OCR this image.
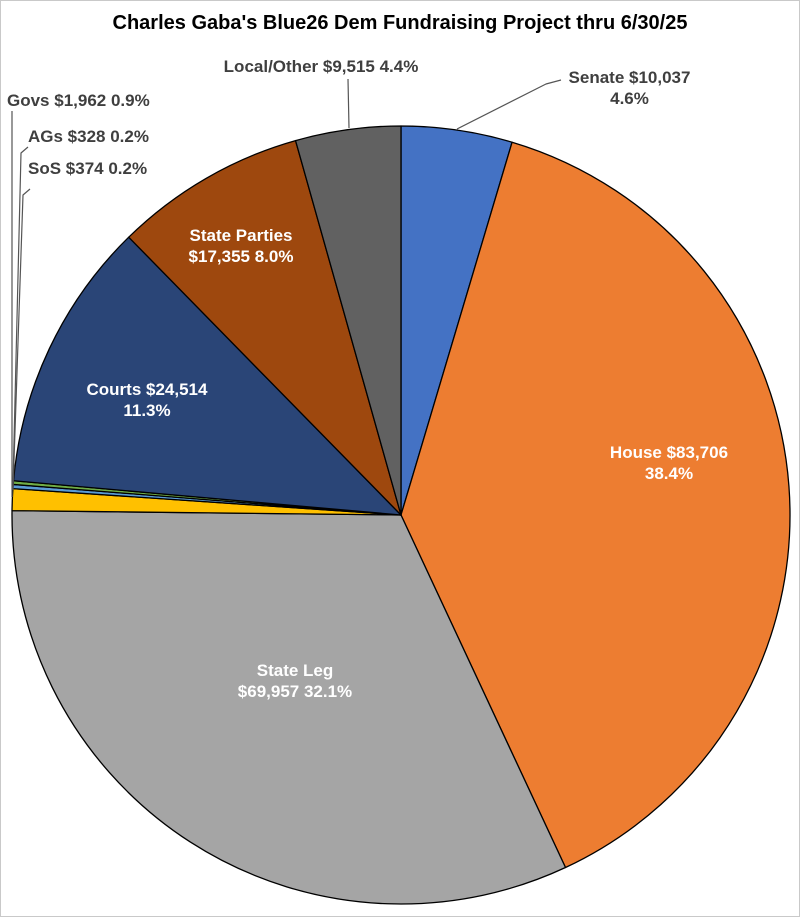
Charles Gaba's Blue26 Dem Fundraising Project thru 6/30/25
Govs $1,962 0.9%
AGs $328 0.2%
SoS $374 0.2%
Local/Other $9,515 4.4%
Senate $10,037
4.6%
House $83,706
38.4%
State Leg
$69,957 32.1%
Courts $24,514
11.3%
State Parties
$17,355 8.0%
